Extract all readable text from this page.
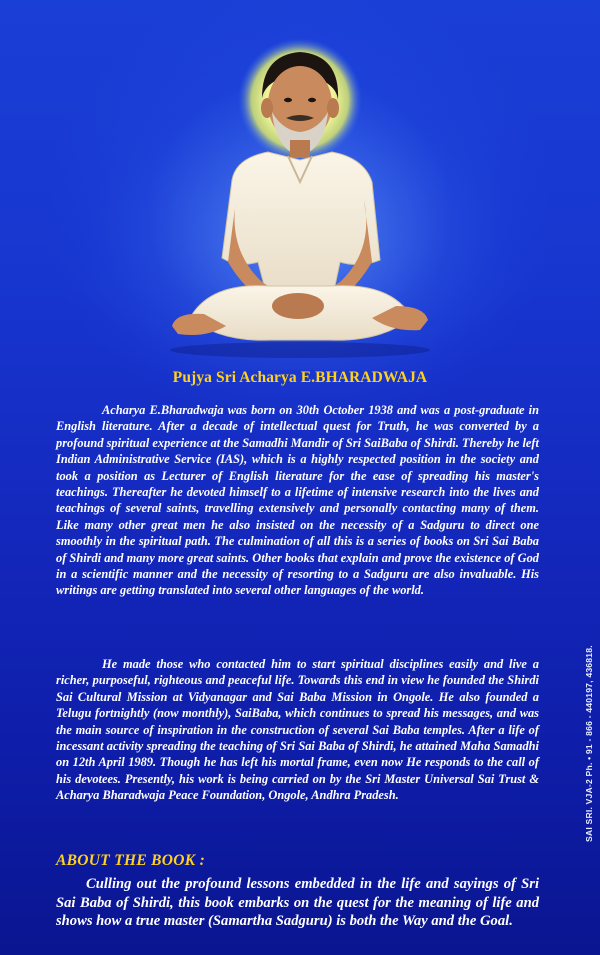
Pujya Sri Acharya E.BHARADWAJA

Acharya E.Bharadwaja was born on 30th October 1938 and was a post-graduate in English literature. After a decade of intellectual quest for Truth, he was converted by a profound spiritual experience at the Samadhi Mandir of Sri SaiBaba of Shirdi. Thereby he left Indian Administrative Service (IAS), which is a highly respected position in the society and took a position as Lecturer of English literature for the ease of spreading his master's teachings. Thereafter he devoted himself to a lifetime of intensive research into the lives and teachings of several saints, travelling extensively and personally contacting many of them. Like many other great men he also insisted on the necessity of a Sadguru to direct one smoothly in the spiritual path. The culmination of all this is a series of books on Sri Sai Baba of Shirdi and many more great saints. Other books that explain and prove the existence of God in a scientific manner and the necessity of resorting to a Sadguru are also invaluable. His writings are getting translated into several other languages of the world.

He made those who contacted him to start spiritual disciplines easily and live a richer, purposeful, righteous and peaceful life. Towards this end in view he founded the Shirdi Sai Cultural Mission at Vidyanagar and Sai Baba Mission in Ongole. He also founded a Telugu fortnightly (now monthly), SaiBaba, which continues to spread his messages, and was the main source of inspiration in the construction of several Sai Baba temples. After a life of incessant activity spreading the teaching of Sri Sai Baba of Shirdi, he attained Maha Samadhi on 12th April 1989. Though he has left his mortal frame, even now He responds to the call of his devotees. Presently, his work is being carried on by the Sri Master Universal Sai Trust & Acharya Bharadwaja Peace Foundation, Ongole, Andhra Pradesh.

ABOUT THE BOOK :

Culling out the profound lessons embedded in the life and sayings of Sri Sai Baba of Shirdi, this book embarks on the quest for the meaning of life and shows how a true master (Samartha Sadguru) is both the Way and the Goal.

SAI SRI. VJA-2 Ph. • 91 - 866 - 440197, 436818.
